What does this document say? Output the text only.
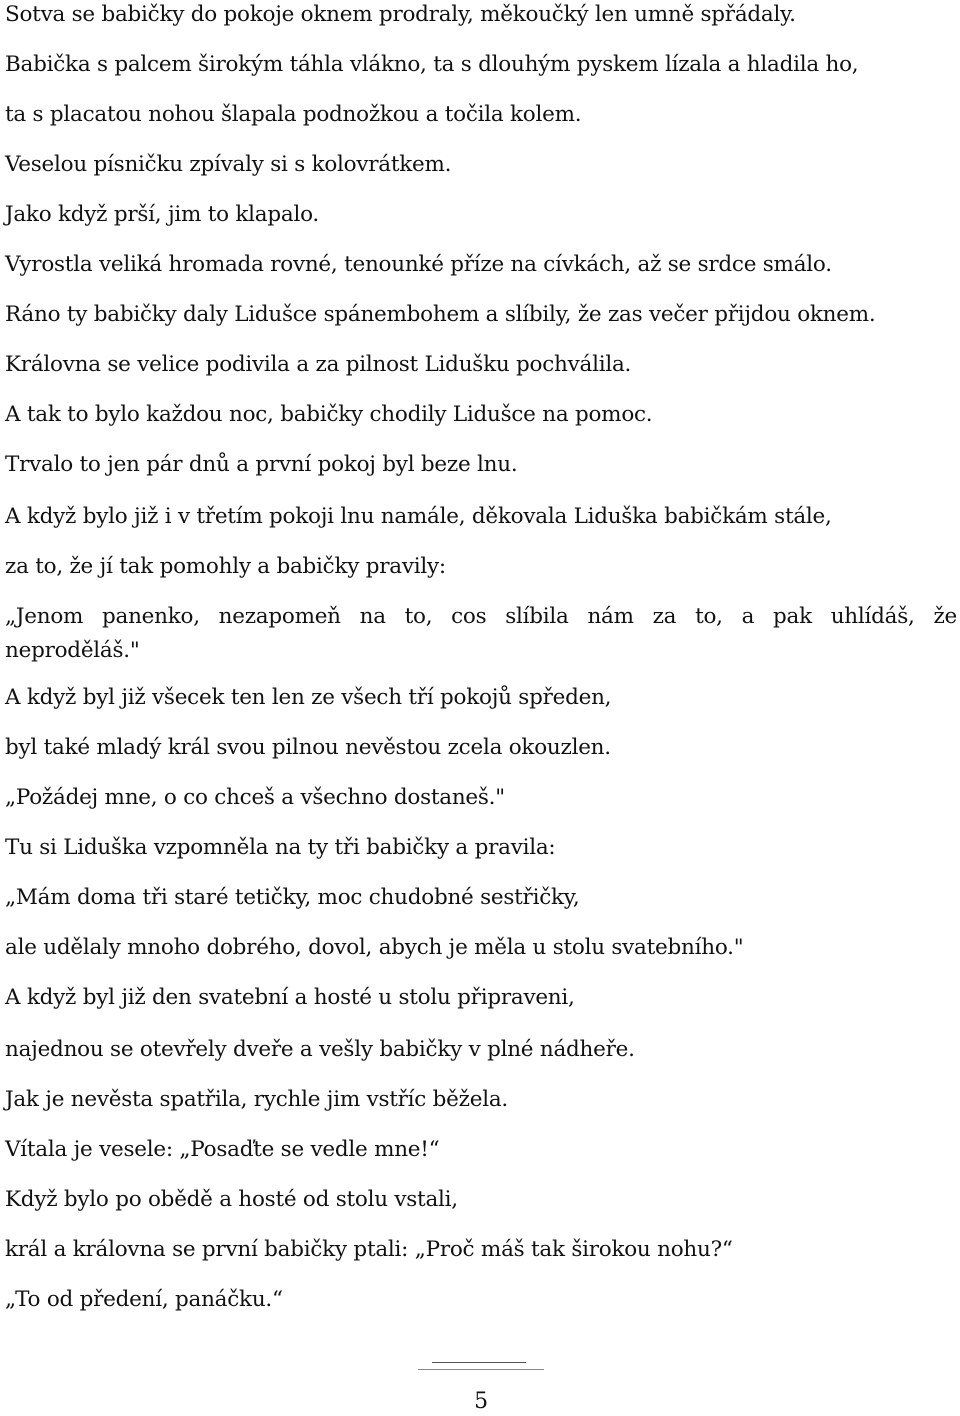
Sotva se babičky do pokoje oknem prodraly, měkoučký len umně spřádaly.
Babička s palcem širokým táhla vlákno, ta s dlouhým pyskem lízala a hladila ho,
ta s placatou nohou šlapala podnožkou a točila kolem.
Veselou písničku zpívaly si s kolovrátkem.
Jako když prší, jim to klapalo.
Vyrostla veliká hromada rovné, tenounké příze na cívkách, až se srdce smálo.
Ráno ty babičky daly Lidušce spánembohem a slíbily, že zas večer přijdou oknem.
Královna se velice podivila a za pilnost Lidušku pochválila.
A tak to bylo každou noc, babičky chodily Lidušce na pomoc.
Trvalo to jen pár dnů a první pokoj byl beze lnu.
A když bylo již i v třetím pokoji lnu namále, děkovala Liduška babičkám stále,
za to, že jí tak pomohly a babičky pravily:
„Jenom panenko, nezapomeň na to, cos slíbila nám za to, a pak uhlídáš, že neproděláš."
A když byl již všecek ten len ze všech tří pokojů spředen,
byl také mladý král svou pilnou nevěstou zcela okouzlen.
„Požádej mne, o co chceš a všechno dostaneš."
Tu si Liduška vzpomněla na ty tři babičky a pravila:
„Mám doma tři staré tetičky, moc chudobné sestřičky,
ale udělaly mnoho dobrého, dovol, abych je měla u stolu svatebního."
A když byl již den svatební a hosté u stolu připraveni,
najednou se otevřely dveře a vešly babičky v plné nádheře.
Jak je nevěsta spatřila, rychle jim vstříc běžela.
Vítala je vesele: „Posaďte se vedle mne!“
Když bylo po obědě a hosté od stolu vstali,
král a královna se první babičky ptali: „Proč máš tak širokou nohu?“
„To od předení, panáčku.“
5
